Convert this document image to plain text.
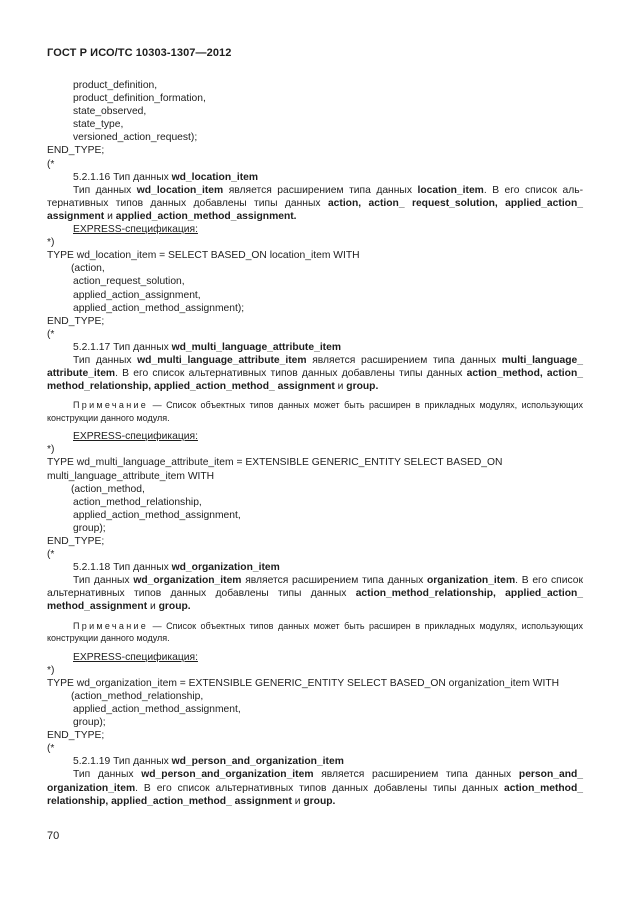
ГОСТ Р ИСО/ТС 10303-1307—2012
product_definition,
product_definition_formation,
state_observed,
state_type,
versioned_action_request);
END_TYPE;
(*
5.2.1.16 Тип данных wd_location_item
Тип данных wd_location_item является расширением типа данных location_item. В его список аль-тернативных типов данных добавлены типы данных action, action_ request_solution, applied_action_ assignment и applied_action_method_assignment.
EXPRESS-спецификация:
*)
TYPE wd_location_item = SELECT BASED_ON location_item WITH
(action,
action_request_solution,
applied_action_assignment,
applied_action_method_assignment);
END_TYPE;
(*
5.2.1.17 Тип данных wd_multi_language_attribute_item
Тип данных wd_multi_language_attribute_item является расширением типа данных multi_language_ attribute_item. В его список альтернативных типов данных добавлены типы данных action_method, action_ method_relationship, applied_action_method_ assignment и group.
Примечание — Список объектных типов данных может быть расширен в прикладных модулях, использующих конструкции данного модуля.
EXPRESS-спецификация:
*)
TYPE wd_multi_language_attribute_item = EXTENSIBLE GENERIC_ENTITY SELECT BASED_ON
multi_language_attribute_item WITH
(action_method,
action_method_relationship,
applied_action_method_assignment,
group);
END_TYPE;
(*
5.2.1.18 Тип данных wd_organization_item
Тип данных wd_organization_item является расширением типа данных organization_item. В его список альтернативных типов данных добавлены типы данных action_method_relationship, applied_action_ method_assignment и group.
Примечание — Список объектных типов данных может быть расширен в прикладных модулях, использующих конструкции данного модуля.
EXPRESS-спецификация:
*)
TYPE wd_organization_item = EXTENSIBLE GENERIC_ENTITY SELECT BASED_ON organization_item WITH
(action_method_relationship,
applied_action_method_assignment,
group);
END_TYPE;
(*
5.2.1.19 Тип данных wd_person_and_organization_item
Тип данных wd_person_and_organization_item является расширением типа данных person_and_ organization_item. В его список альтернативных типов данных добавлены типы данных action_method_ relationship, applied_action_method_ assignment и group.
70
